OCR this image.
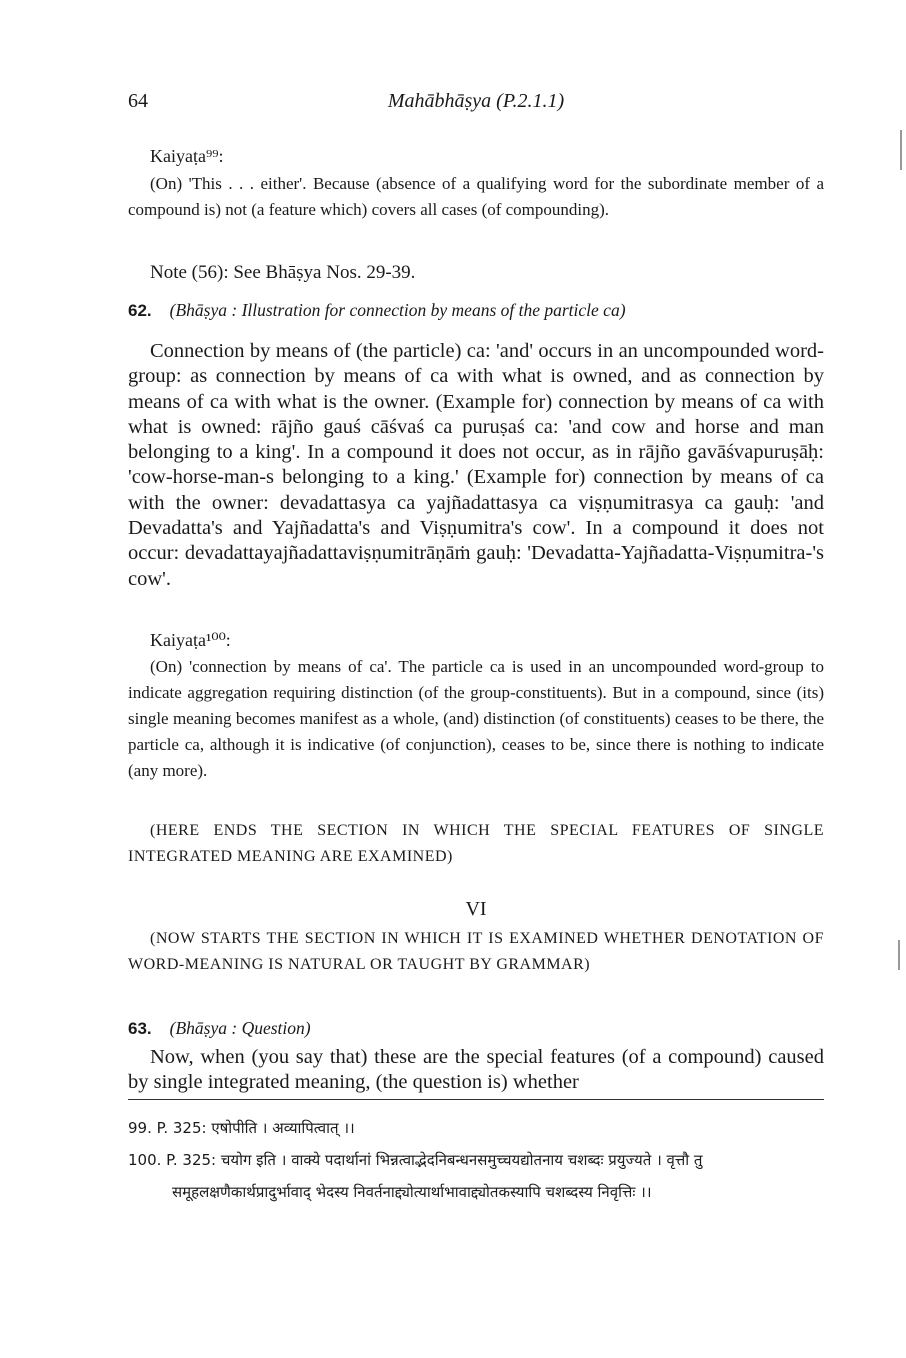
64	Mahābhāṣya (P.2.1.1)

Kaiyaṭa⁹⁹:

(On) 'This . . . either'. Because (absence of a qualifying word for the subordinate member of a compound is) not (a feature which) covers all cases (of compounding).

Note (56): See Bhāṣya Nos. 29-39.

62. (Bhāṣya : Illustration for connection by means of the particle ca)

Connection by means of (the particle) ca: 'and' occurs in an uncompounded word-group: as connection by means of ca with what is owned, and as connection by means of ca with what is the owner. (Example for) connection by means of ca with what is owned: rājño gauś cāśvaś ca puruṣaś ca: 'and cow and horse and man belonging to a king'. In a compound it does not occur, as in rājño gavāśvapuruṣāḥ: 'cow-horse-man-s belonging to a king.' (Example for) connection by means of ca with the owner: devadattasya ca yajñadattasya ca viṣṇumitrasya ca gauḥ: 'and Devadatta's and Yajñadatta's and Viṣṇumitra's cow'. In a compound it does not occur: devadattayajñadattaviṣṇumitrāṇāṁ gauḥ: 'Devadatta-Yajñadatta-Viṣṇumitra-'s cow'.

Kaiyaṭa¹⁰⁰:

(On) 'connection by means of ca'. The particle ca is used in an uncompounded word-group to indicate aggregation requiring distinction (of the group-constituents). But in a compound, since (its) single meaning becomes manifest as a whole, (and) distinction (of constituents) ceases to be there, the particle ca, although it is indicative (of conjunction), ceases to be, since there is nothing to indicate (any more).

(HERE ENDS THE SECTION IN WHICH THE SPECIAL FEATURES OF SINGLE INTEGRATED MEANING ARE EXAMINED)

VI

(NOW STARTS THE SECTION IN WHICH IT IS EXAMINED WHETHER DENOTATION OF WORD-MEANING IS NATURAL OR TAUGHT BY GRAMMAR)

63. (Bhāṣya : Question)

Now, when (you say that) these are the special features (of a compound) caused by single integrated meaning, (the question is) whether

99. P. 325: एषोपीति । अव्यापित्वात् ।।

100. P. 325: चयोग इति । वाक्ये पदार्थानां भिन्नत्वाद्भेदनिबन्धनसमुच्चयद्योतनाय चशब्दः प्रयुज्यते । वृत्तौ तु समूहलक्षणैकार्थप्रादुर्भावाद् भेदस्य निवर्तनाद्द्योत्यार्थाभावाद्द्योतकस्यापि चशब्दस्य निवृत्तिः ।।
